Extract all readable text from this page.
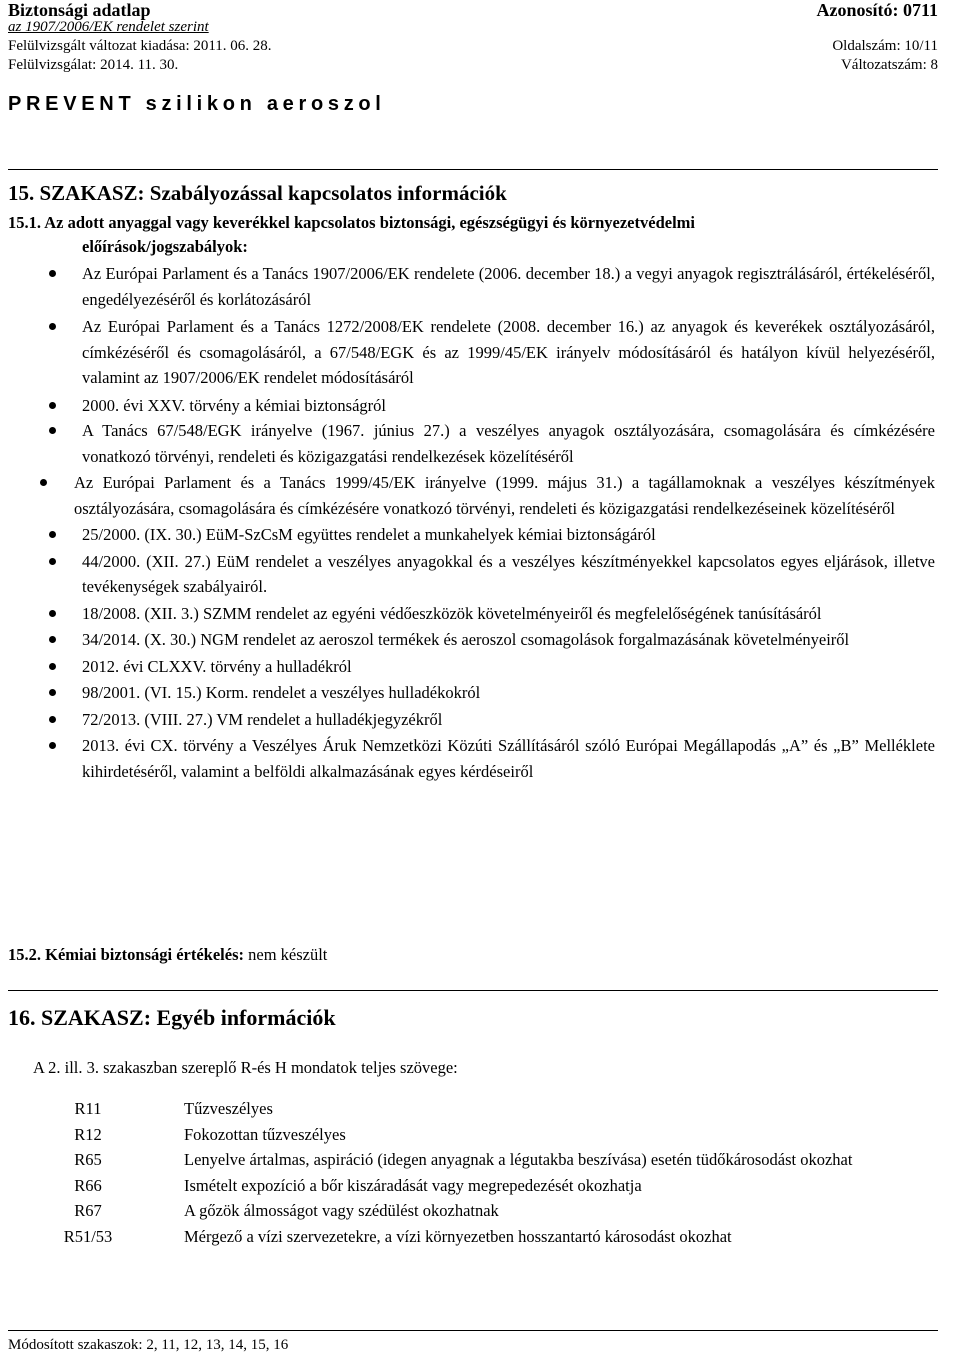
Biztonsági adatlap	Azonosító: 0711
az 1907/2006/EK rendelet szerint
Felülvizsgált változat kiadása: 2011. 06. 28.	Oldalszám: 10/11
Felülvizsgálat: 2014. 11. 30.	Változatszám: 8
PREVENT szilikon aeroszol
15. SZAKASZ: Szabályozással kapcsolatos információk
15.1. Az adott anyaggal vagy keverékkel kapcsolatos biztonsági, egészségügyi és környezetvédelmi
előírások/jogszabályok:
Az Európai Parlament és a Tanács 1907/2006/EK rendelete (2006. december 18.) a vegyi anyagok regisztrálásáról, értékeléséről, engedélyezéséről és korlátozásáról
Az Európai Parlament és a Tanács 1272/2008/EK rendelete (2008. december 16.) az anyagok és keverékek osztályozásáról, címkézéséről és csomagolásáról, a 67/548/EGK és az 1999/45/EK irányelv módosításáról és hatályon kívül helyezéséről, valamint az 1907/2006/EK rendelet módosításáról
2000. évi XXV. törvény a kémiai biztonságról
A Tanács 67/548/EGK irányelve (1967. június 27.) a veszélyes anyagok osztályozására, csomagolására és címkézésére vonatkozó törvényi, rendeleti és közigazgatási rendelkezések közelítéséről
Az Európai Parlament és a Tanács 1999/45/EK irányelve (1999. május 31.) a tagállamoknak a veszélyes készítmények osztályozására, csomagolására és címkézésére vonatkozó törvényi, rendeleti és közigazgatási rendelkezéseinek közelítéséről
25/2000. (IX. 30.) EüM-SzCsM együttes rendelet a munkahelyek kémiai biztonságáról
44/2000. (XII. 27.) EüM rendelet a veszélyes anyagokkal és a veszélyes készítményekkel kapcsolatos egyes eljárások, illetve tevékenységek szabályairól.
18/2008. (XII. 3.) SZMM rendelet az egyéni védőeszközök követelményeiről és megfelelőségének tanúsításáról
34/2014. (X. 30.) NGM rendelet az aeroszol termékek és aeroszol csomagolások forgalmazásának követelményeiről
2012. évi CLXXV. törvény a hulladékról
98/2001. (VI. 15.) Korm. rendelet a veszélyes hulladékokról
72/2013. (VIII. 27.) VM rendelet a hulladékjegyzékről
2013. évi CX. törvény a Veszélyes Áruk Nemzetközi Közúti Szállításáról szóló Európai Megállapodás „A” és „B” Melléklete kihirdetéséről, valamint a belföldi alkalmazásának egyes kérdéseiről
15.2. Kémiai biztonsági értékelés: nem készült
16. SZAKASZ: Egyéb információk
A 2. ill. 3. szakaszban szereplő R-és H mondatok teljes szövege:
R11	Tűzveszélyes
R12	Fokozottan tűzveszélyes
R65	Lenyelve ártalmas, aspiráció (idegen anyagnak a légutakba beszívása) esetén tüdőkárosodást okozhat
R66	Ismételt expozíció a bőr kiszáradását vagy megrepedezését okozhatja
R67	A gőzök álmosságot vagy szédülést okozhatnak
R51/53	Mérgező a vízi szervezetekre, a vízi környezetben hosszantartó károsodást okozhat
Módosított szakaszok: 2, 11, 12, 13, 14, 15, 16
